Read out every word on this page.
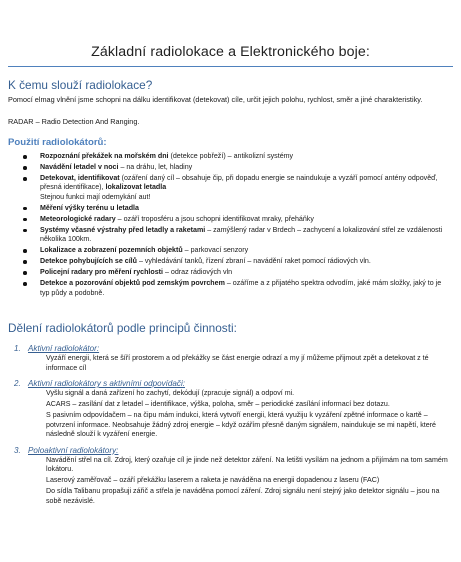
Základní radiolokace a Elektronického boje:
K čemu slouží radiolokace?
Pomocí elmag vlnění jsme schopni na dálku identifikovat (detekovat) cíle, určit jejich polohu, rychlost, směr a jiné charakteristiky.
RADAR – Radio Detection And Ranging.
Použití radiolokátorů:
Rozpoznání překážek na mořském dni (detekce pobřeží) – antikolizní systémy
Navádění letadel v noci – na dráhu, let, hladiny
Detekovat, identifikovat (ozáření daný cíl – obsahuje čip, při dopadu energie se naindukuje a vyzáří pomocí antény odpověď, přesná identifikace), lokalizovat letadla
Stejnou funkci mají odemykání aut!
Měření výšky terénu u letadla
Meteorologické radary – ozáří troposféru a jsou schopni identifikovat mraky, přeháňky
Systémy včasné výstrahy před letadly a raketami – zamýšlený radar v Brdech – zachycení a lokalizování střel ze vzdálenosti několika 100km.
Lokalizace a zobrazení pozemních objektů – parkovací senzory
Detekce pohybujících se cílů – vyhledávání tanků, řízení zbraní – navádění raket pomocí rádiových vln.
Policejní radary pro měření rychlosti – odraz rádiových vln
Detekce a pozorování objektů pod zemským povrchem – ozáříme a z přijatého spektra odvodím, jaké mám složky, jaký to je typ půdy a podobně.
Dělení radiolokátorů podle principů činnosti:
1. Aktivní radiolokátor:

Vyzáří energii, která se šíří prostorem a od překážky se část energie odrazí a my jí můžeme přijmout zpět a detekovat z té informace cíl

2. Aktivní radiolokátory s aktivními odpovídači:

Vyšlu signál a daná zařízení ho zachytí, dekódují (zpracuje signál) a odpoví mi.

ACARS – zasílání dat z letadel – identifikace, výška, poloha, směr – periodické zasílání informací bez dotazu.

S pasivním odpovídačem – na čipu mám indukci, která vytvoří energii, která využiju k vyzáření zpětné informace o kartě – potvrzení informace. Neobsahuje žádný zdroj energie – když ozářím přesně daným signálem, naindukuje se mi napětí, které následně slouží k vyzáření energie.

3. Poloaktivní radiolokátory:

Navádění střel na cíl. Zdroj, který ozařuje cíl je jinde než detektor záření. Na letišti vysílám na jednom a přijímám na tom samém lokátoru.

Laserový zaměřovač – ozáří překážku laserem a raketa je naváděna na energii dopadenou z laseru (FAC)

Do sídla Talibanu propašuji zářič a střela je naváděna pomocí záření. Zdroj signálu není stejný jako detektor signálu – jsou na sobě nezávislé.
